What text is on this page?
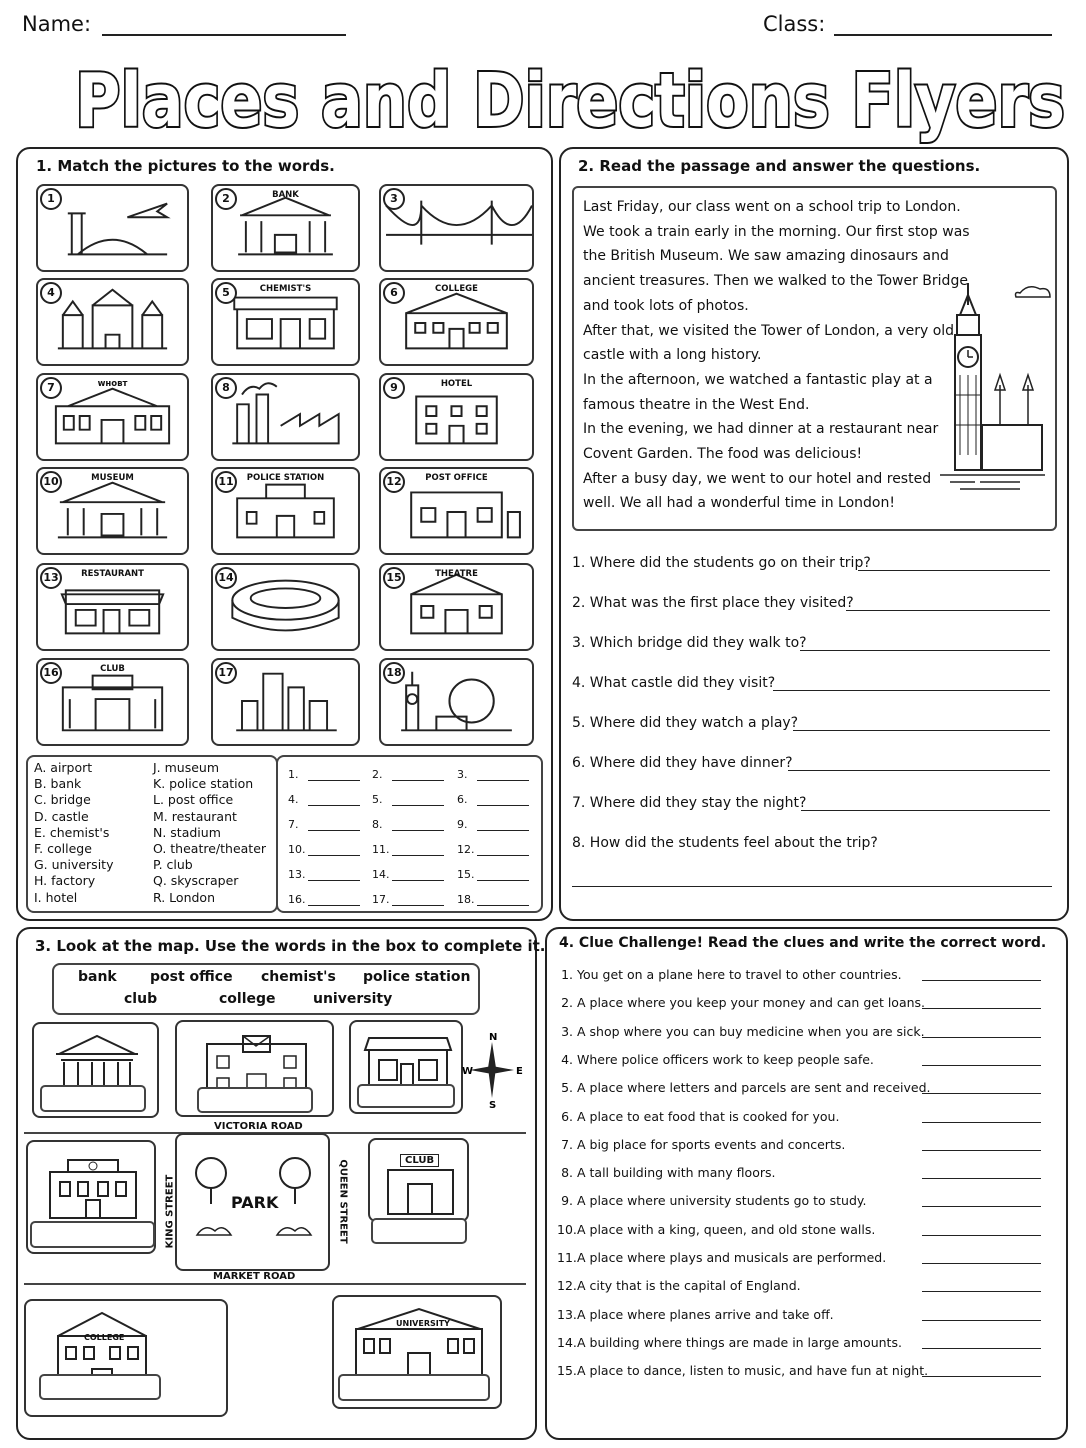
Name:	Class:
Places and Directions Flyers
1. Match the pictures to the words.
1	2	BANK	3
4	5	CHEMIST'S	6	COLLEGE
7	ᴡʜᴏʙᴛ	8	9	HOTEL
10	MUSEUM	11	POLICE STATION	12	POST OFFICE
13	RESTAURANT	14	15	THEATRE
16	CLUB	17	18
A. airport
B. bank
C. bridge
D. castle
E. chemist's
F. college
G. university
H. factory
I. hotel
J. museum
K. police station
L. post office
M. restaurant
N. stadium
O. theatre/theater
P. club
Q. skyscraper
R. London
1.	2.	3.
4.	5.	6.
7.	8.	9.
10.	11.	12.
13.	14.	15.
16.	17.	18.
2. Read the passage and answer the questions.
Last Friday, our class went on a school trip to London.
We took a train early in the morning. Our first stop was
the British Museum. We saw amazing dinosaurs and
ancient treasures. Then we walked to the Tower Bridge
and took lots of photos.
After that, we visited the Tower of London, a very old
castle with a long history.
In the afternoon, we watched a fantastic play at a
famous theatre in the West End.
In the evening, we had dinner at a restaurant near
Covent Garden. The food was delicious!
After a busy day, we went to our hotel and rested
well. We all had a wonderful time in London!
1. Where did the students go on their trip?
2. What was the first place they visited?
3. Which bridge did they walk to?
4. What castle did they visit?
5. Where did they watch a play?
6. Where did they have dinner?
7. Where did they stay the night?
8. How did the students feel about the trip?
3. Look at the map. Use the words in the box to complete it.
bank post office chemist's police station
club	college	university
N
S
E
W
VICTORIA ROAD
MARKET ROAD
KING STREET	QUEEN STREET
PARK
CLUB
COLLEGE
UNIVERSITY
4. Clue Challenge! Read the clues and write the correct word.
1. You get on a plane here to travel to other countries.
2. A place where you keep your money and can get loans.
3. A shop where you can buy medicine when you are sick.
4. Where police officers work to keep people safe.
5. A place where letters and parcels are sent and received.
6. A place to eat food that is cooked for you.
7. A big place for sports events and concerts.
8. A tall building with many floors.
9. A place where university students go to study.
10. A place with a king, queen, and old stone walls.
11. A place where plays and musicals are performed.
12. A city that is the capital of England.
13. A place where planes arrive and take off.
14. A building where things are made in large amounts.
15. A place to dance, listen to music, and have fun at night.
